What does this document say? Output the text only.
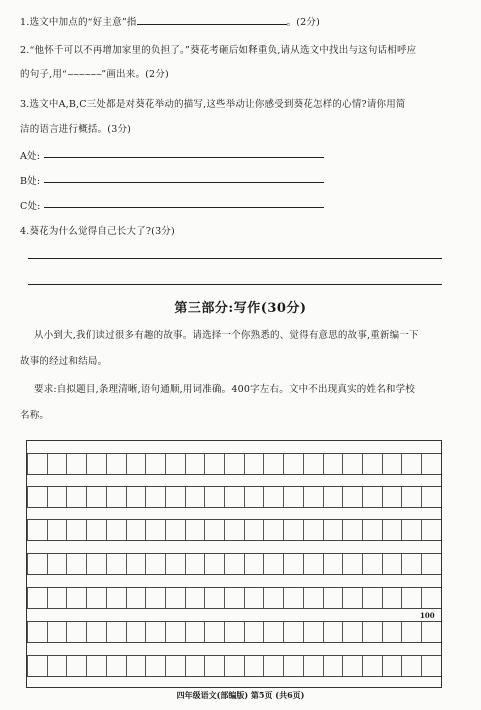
1.选文中加点的“好主意”指	。(2分)
2.“他怀千可以不再增加家里的负担了。”葵花考砸后如释重负,请从选文中找出与这句话相呼应
的句子,用“~~~~~~”画出来。(2分)
3.选文中A,B,C三处都是对葵花举动的描写,这些举动让你感受到葵花怎样的心情?请你用简
洁的语言进行概括。(3分)
A处:
B处:
C处:
4.葵花为什么觉得自己长大了?(3分)
第三部分:写作(30分)
从小到大,我们读过很多有趣的故事。请选择一个你熟悉的、觉得有意思的故事,重新编一下
故事的经过和结局。
要求:自拟题目,条理清晰,语句通顺,用词准确。400字左右。文中不出现真实的姓名和学校
名称。
100
四年级语文(部编版) 第5页 (共6页)
